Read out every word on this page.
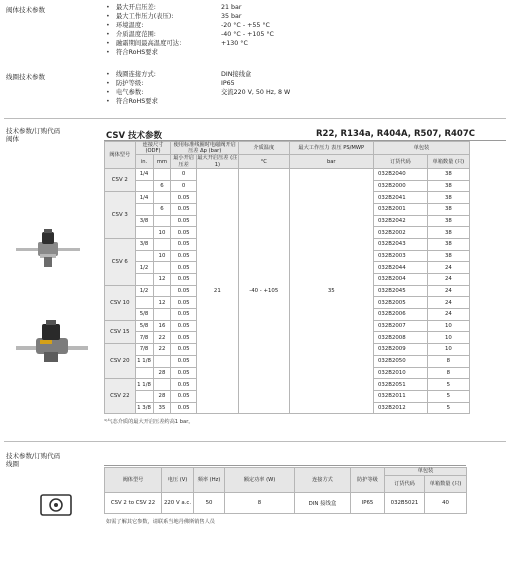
阀体技术参数	• 最大开启压差:	21 bar
• 最大工作压力(表压):	35 bar
• 环境温度:	-20 °C - +55 °C
• 介质温度范围:	-40 °C - +105 °C
• 融霜期间最高温度可达：	+130 °C
• 符合RoHS要求
线圈技术参数	• 线圈连接方式:	DIN接线盒
• 防护等级:	IP65
• 电气参数:	交流220 V, 50 Hz, 8 W
• 符合RoHS要求
技术参数/订购代码
阀体	CSV 技术参数	R22, R134a, R404A, R507, R407C
阀体型号	连接尺寸 (ODF)		使用标准线圈时电磁阀开启压差 Δp (bar)		介质温度	最大工作压力 表压 PS/MWP	单包装	
	in.	mm	最小开启压差	最大开启压差 (注1)	°C	bar	订货代码	单箱数量 (只)
CSV 2	1/4		0	21	-40 - +105	35	032B2040	38
		6	0				032B2000	38
CSV 3	1/4		0.05				032B2041	38
		6	0.05				032B2001	38
	3/8		0.05				032B2042	38
		10	0.05				032B2002	38
CSV 6	3/8		0.05				032B2043	38
		10	0.05				032B2003	38
	1/2		0.05				032B2044	24
		12	0.05				032B2004	24
CSV 10	1/2		0.05				032B2045	24
		12	0.05				032B2005	24
	5/8		0.05				032B2006	24
CSV 15	5/8	16	0.05				032B2007	10
	7/8	22	0.05				032B2008	10
CSV 20	7/8	22	0.05				032B2009	10
	1 1/8		0.05				032B2050	8
		28	0.05				032B2010	8
CSV 22	1 1/8		0.05				032B2051	5
		28	0.05				032B2011	5
	1 3/8	35	0.05				032B2012	5
¹⁾气态介质的最大开启压差约高1 bar。
技术参数/订购代码
线圈
阀体型号	电压 (V)	频率 (Hz)	额定功率 (W)	连接方式	防护等级	单包装	
						订货代码	单箱数量 (只)
CSV 2 to CSV 22	220 V a.c.	50	8	DIN 接线盒	IP65	032B5021	40
如需了解其它参数，请联系当地丹佛斯销售人员
